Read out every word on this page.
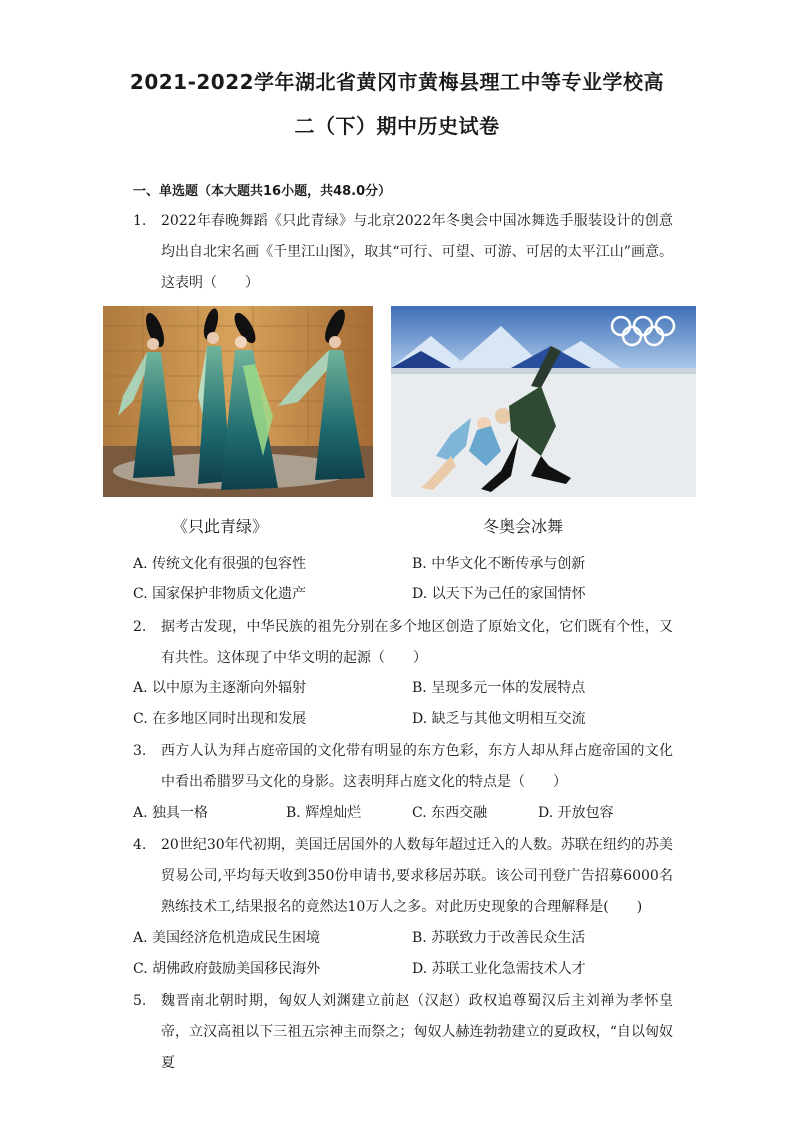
2021-2022学年湖北省黄冈市黄梅县理工中等专业学校高
二（下）期中历史试卷
一、单选题（本大题共16小题，共48.0分）
1.	2022年春晚舞蹈《只此青绿》与北京2022年冬奥会中国冰舞选手服装设计的创意均出自北宋名画《千里江山图》，取其“可行、可望、可游、可居的太平江山”画意。这表明（　　）
《只此青绿》	冬奥会冰舞
A. 传统文化有很强的包容性	B. 中华文化不断传承与创新
C. 国家保护非物质文化遗产	D. 以天下为己任的家国情怀
2.	据考古发现，中华民族的祖先分别在多个地区创造了原始文化，它们既有个性，又有共性。这体现了中华文明的起源（　　）
A. 以中原为主逐渐向外辐射	B. 呈现多元一体的发展特点
C. 在多地区同时出现和发展	D. 缺乏与其他文明相互交流
3.	西方人认为拜占庭帝国的文化带有明显的东方色彩，东方人却从拜占庭帝国的文化中看出希腊罗马文化的身影。这表明拜占庭文化的特点是（　　）
A. 独具一格	B. 辉煌灿烂	C. 东西交融	D. 开放包容
4.	20世纪30年代初期，美国迁居国外的人数每年超过迁入的人数。苏联在纽约的苏美贸易公司,平均每天收到350份申请书,要求移居苏联。该公司刊登广告招募6000名熟练技术工,结果报名的竟然达10万人之多。对此历史现象的合理解释是(　　)
A. 美国经济危机造成民生困境	B. 苏联致力于改善民众生活
C. 胡佛政府鼓励美国移民海外	D. 苏联工业化急需技术人才
5.	魏晋南北朝时期，匈奴人刘渊建立前赵（汉赵）政权追尊蜀汉后主刘禅为孝怀皇帝，立汉高祖以下三祖五宗神主而祭之；匈奴人赫连勃勃建立的夏政权，“自以匈奴夏
